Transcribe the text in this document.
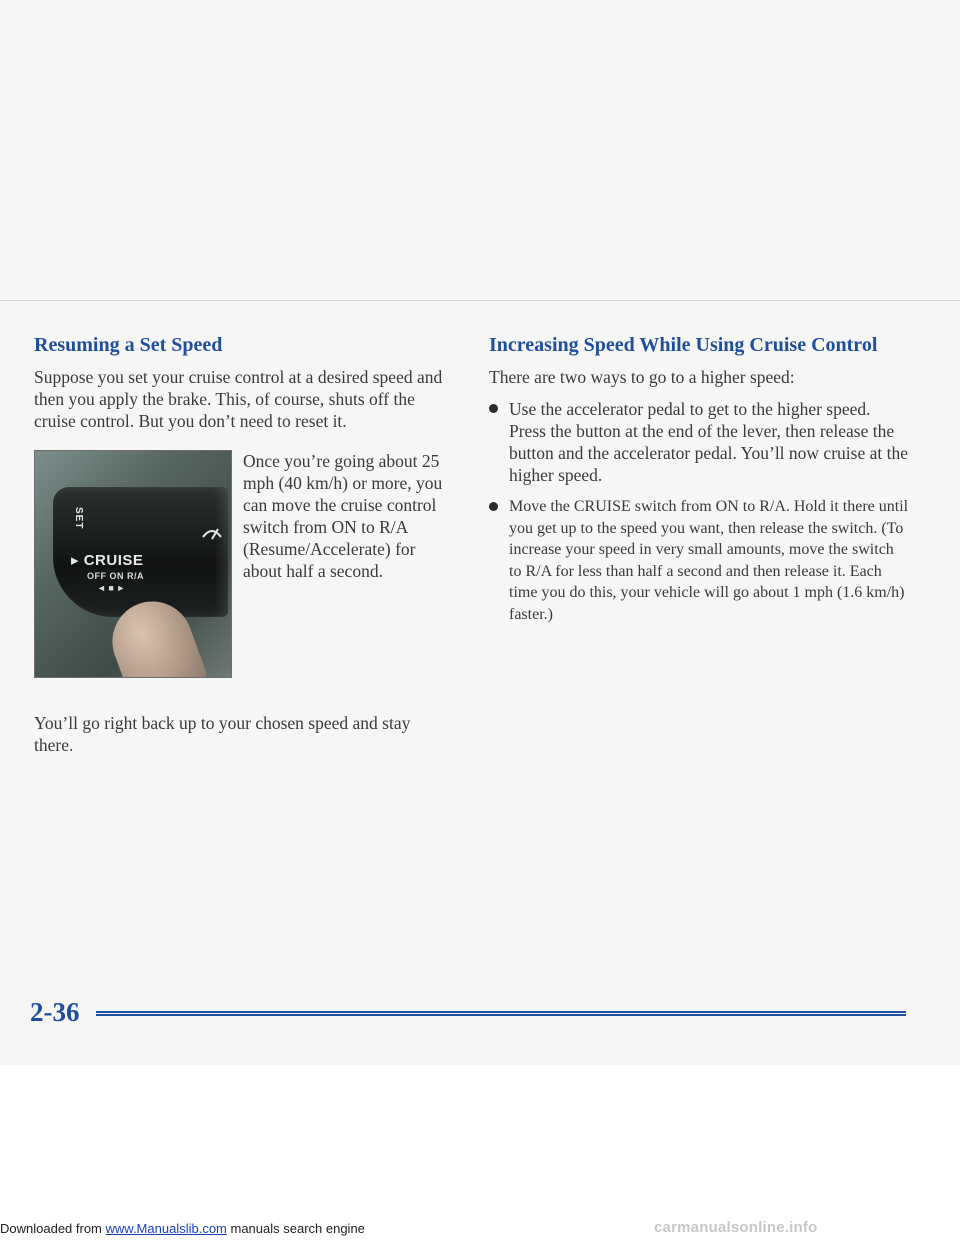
Resuming a Set Speed

Suppose you set your cruise control at a desired speed and then you apply the brake. This, of course, shuts off the cruise control. But you don’t need to reset it.

SET
▸ CRUISE
OFF ON R/A
◄ ■ ►

Once you’re going about 25 mph (40 km/h) or more, you can move the cruise control switch from ON to R/A (Resume/Accelerate) for about half a second.

You’ll go right back up to your chosen speed and stay there.

Increasing Speed While Using Cruise Control

There are two ways to go to a higher speed:

Use the accelerator pedal to get to the higher speed. Press the button at the end of the lever, then release the button and the accelerator pedal. You’ll now cruise at the higher speed.
Move the CRUISE switch from ON to R/A. Hold it there until you get up to the speed you want, then release the switch. (To increase your speed in very small amounts, move the switch to R/A for less than half a second and then release it. Each time you do this, your vehicle will go about 1 mph (1.6 km/h) faster.)
2-36
Downloaded from www.Manualslib.com manuals search engine	carmanualsonline.info
